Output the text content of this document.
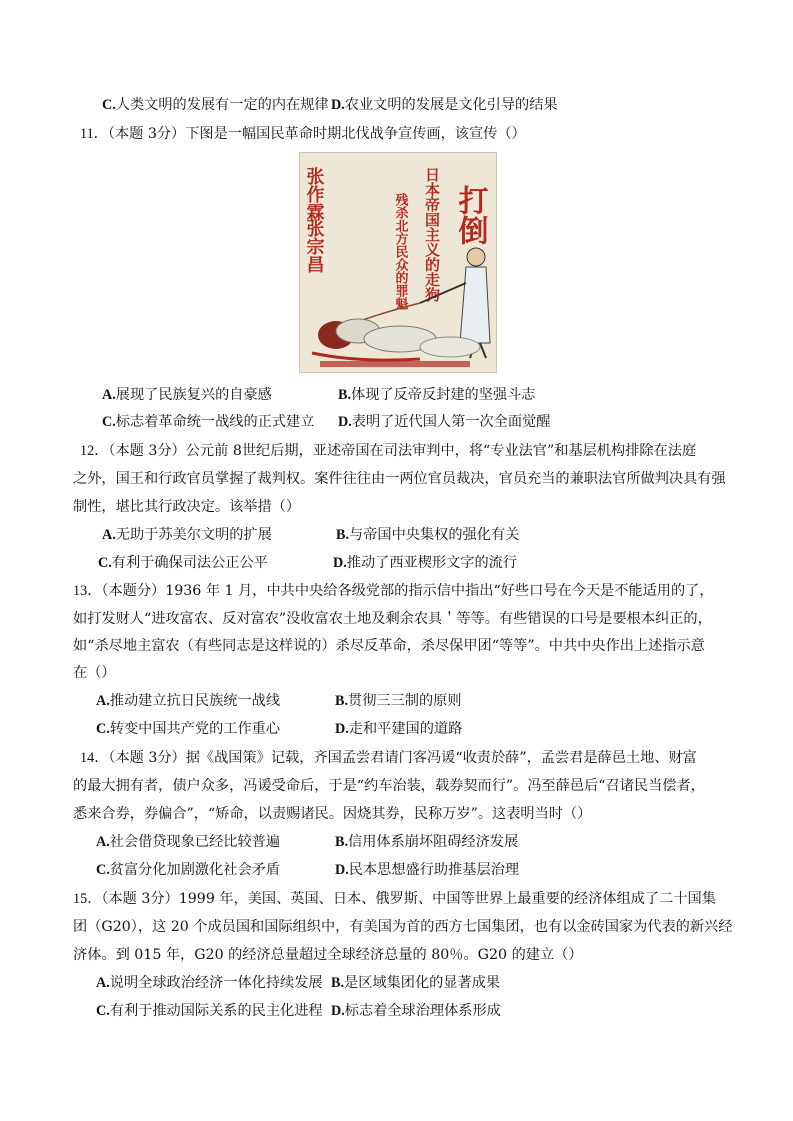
C.人类文明的发展有一定的内在规律 D.农业文明的发展是文化引导的结果
11．（本题 3分）下图是一幅国民革命时期北伐战争宣传画，该宣传（）
打倒
日本帝国主义的走狗
张作霖
张宗昌	残杀北方民众的罪魁
A.展现了民族复兴的自豪感	B.体现了反帝反封建的坚强斗志
C.标志着革命统一战线的正式建立 D.表明了近代国人第一次全面觉醒
12．（本题 3分）公元前 8世纪后期，亚述帝国在司法审判中，将“专业法官”和基层机构排除在法庭
之外，国王和行政官员掌握了裁判权。案件往往由一两位官员裁决，官员充当的兼职法官所做判决具有强
制性，堪比其行政决定。该举措（）
A.无助于苏美尔文明的扩展	B.与帝国中央集权的强化有关
C.有利于确保司法公正公平	D.推动了西亚楔形文字的流行
13．（本题分）1936 年 1 月，中共中央给各级党部的指示信中指出“好些口号在今天是不能适用的了，
如打发财人“进攻富农、反对富农”没收富农土地及剩余农具＇等等。有些错误的口号是要根本纠正的，
如“杀尽地主富农（有些同志是这样说的）杀尽反革命，杀尽保甲团“等等”。中共中央作出上述指示意
在（）
A.推动建立抗日民族统一战线	B.贯彻三三制的原则
C.转变中国共产党的工作重心	D.走和平建国的道路
14．（本题 3分）据《战国策》记载，齐国孟尝君请门客冯谖“收责於薛”，孟尝君是薛邑土地、财富
的最大拥有者，债户众多，冯谖受命后，于是“约车治装，载券契而行”。冯至薛邑后“召诸民当偿者，
悉来合券，券偏合”，“矫命，以责赐诸民。因烧其券，民称万岁”。这表明当时（）
A.社会借贷现象已经比较普遍	B.信用体系崩坏阻碍经济发展
C.贫富分化加剧激化社会矛盾	D.民本思想盛行助推基层治理
15．（本题 3分）1999 年，美国、英国、日本、俄罗斯、中国等世界上最重要的经济体组成了二十国集
团（G20），这 20 个成员国和国际组织中，有美国为首的西方七国集团，也有以金砖国家为代表的新兴经
济体。到 015 年，G20 的经济总量超过全球经济总量的 80％。G20 的建立（）
A.说明全球政治经济一体化持续发展 B.是区域集团化的显著成果
C.有利于推动国际关系的民主化进程 D.标志着全球治理体系形成
